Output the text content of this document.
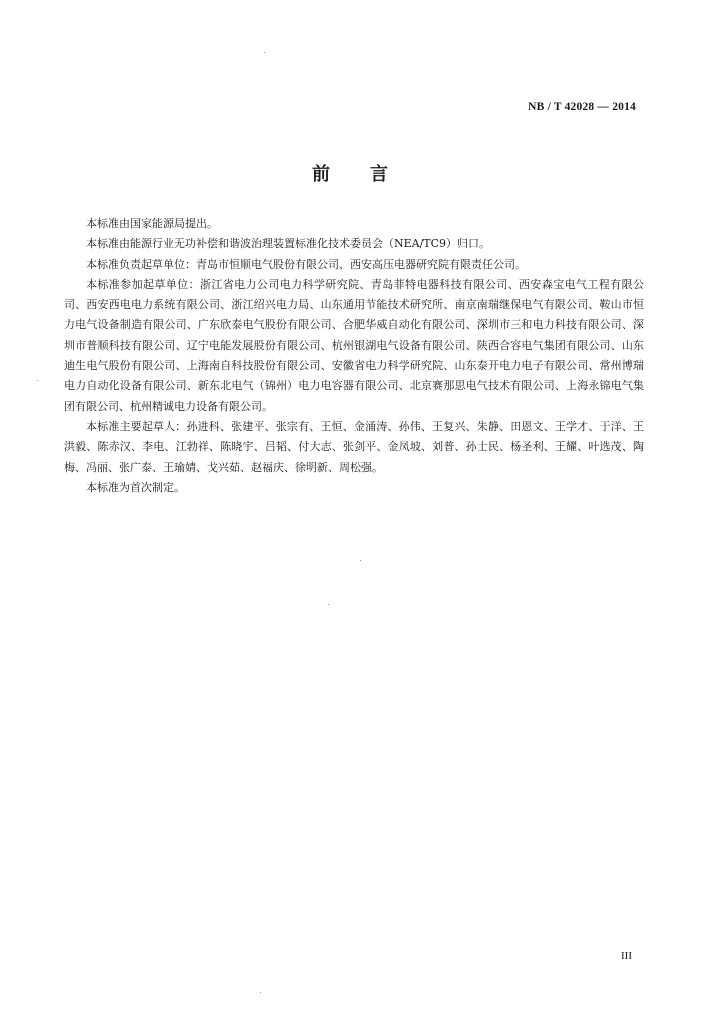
NB / T 42028 — 2014

前言

本标准由国家能源局提出。

本标准由能源行业无功补偿和谐波治理装置标准化技术委员会（NEA/TC9）归口。

本标准负责起草单位：青岛市恒顺电气股份有限公司、西安高压电器研究院有限责任公司。

本标准参加起草单位：浙江省电力公司电力科学研究院、青岛菲特电器科技有限公司、西安森宝电气工程有限公司、西安西电电力系统有限公司、浙江绍兴电力局、山东通用节能技术研究所、南京南瑞继保电气有限公司、鞍山市恒力电气设备制造有限公司、广东欣泰电气股份有限公司、合肥华威自动化有限公司、深圳市三和电力科技有限公司、深圳市普顺科技有限公司、辽宁电能发展股份有限公司、杭州银湖电气设备有限公司、陕西合容电气集团有限公司、山东迪生电气股份有限公司、上海南自科技股份有限公司、安徽省电力科学研究院、山东泰开电力电子有限公司、常州博瑞电力自动化设备有限公司、新东北电气（锦州）电力电容器有限公司、北京赛那思电气技术有限公司、上海永锦电气集团有限公司、杭州精诚电力设备有限公司。

本标准主要起草人：孙进科、张建平、张宗有、王恒、金涌涛、孙伟、王复兴、朱静、田恩文、王学才、于洋、王洪毅、陈赤汉、李电、江勃祥、陈晓宇、吕韬、付大志、张剑平、金凤坡、刘普、孙士民、杨圣利、王耀、叶选茂、陶梅、冯丽、张广泰、王瑜婧、戈兴茹、赵福庆、徐明新、周松强。

本标准为首次制定。

III
